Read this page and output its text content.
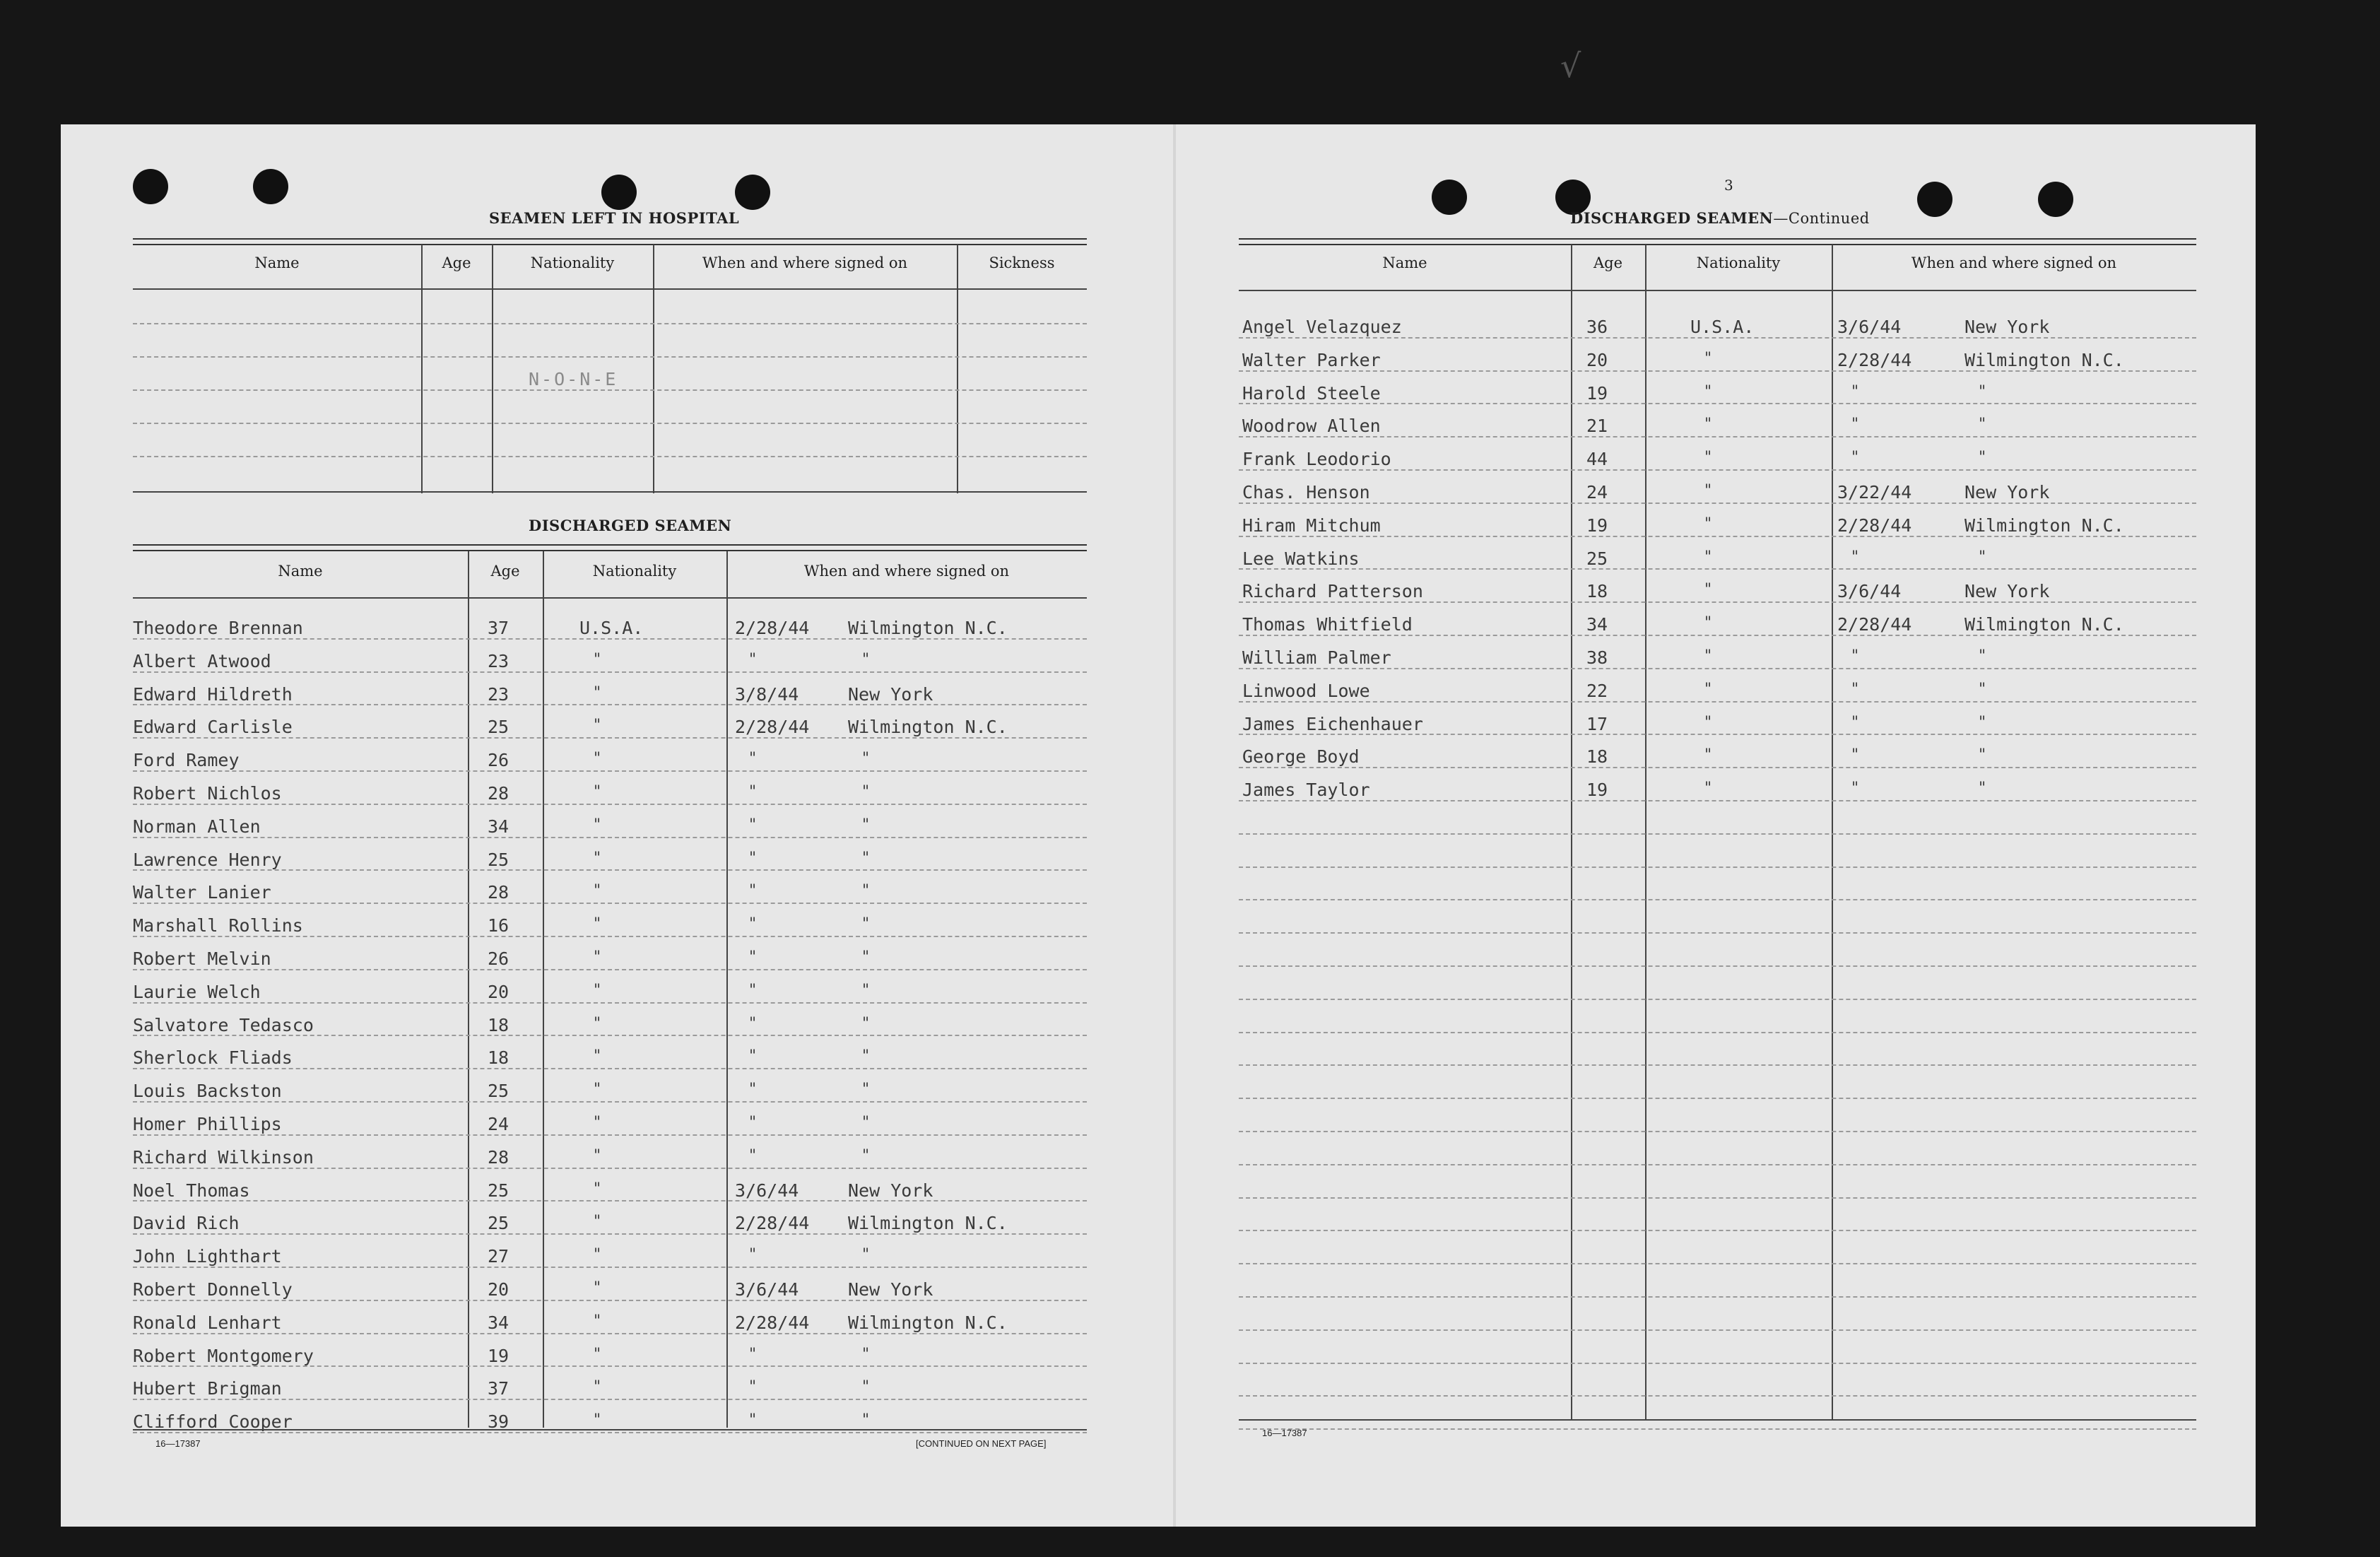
√
3
SEAMEN LEFT IN HOSPITAL
Name	Age	Nationality	When and where signed on	Sickness
N-O-N-E
DISCHARGED SEAMEN
Name	Age	Nationality	When and where signed on
Theodore Brennan	37	U.S.A.	2/28/44 Wilmington N.C.
Albert Atwood	23	"	"	"
Edward Hildreth	23	"	3/8/44	New York
Edward Carlisle	25	"	2/28/44 Wilmington N.C.
Ford Ramey	26	"	"	"
Robert Nichlos	28	"	"	"
Norman Allen	34	"	"	"
Lawrence Henry	25	"	"	"
Walter Lanier	28	"	"	"
Marshall Rollins	16	"	"	"
Robert Melvin	26	"	"	"
Laurie Welch	20	"	"	"
Salvatore Tedasco	18	"	"	"
Sherlock Fliads	18	"	"	"
Louis Backston	25	"	"	"
Homer Phillips	24	"	"	"
Richard Wilkinson	28	"	"	"
Noel Thomas	25	"	3/6/44	New York
David Rich	25	"	2/28/44 Wilmington N.C.
John Lighthart	27	"	"	"
Robert Donnelly	20	"	3/6/44	New York
Ronald Lenhart	34	"	2/28/44 Wilmington N.C.
Robert Montgomery	19	"	"	"
Hubert Brigman	37	"	"	"
Clifford Cooper	39	"	"	"
16—17387	[CONTINUED ON NEXT PAGE]
DISCHARGED SEAMEN—Continued
Name	Age	Nationality	When and where signed on
Angel Velazquez	36	U.S.A.	3/6/44	New York
Walter Parker	20	"	2/28/44	Wilmington N.C.
Harold Steele	19	"	"	"
Woodrow Allen	21	"	"	"
Frank Leodorio	44	"	"	"
Chas. Henson	24	"	3/22/44	New York
Hiram Mitchum	19	"	2/28/44	Wilmington N.C.
Lee Watkins	25	"	"	"
Richard Patterson	18	"	3/6/44	New York
Thomas Whitfield	34	"	2/28/44	Wilmington N.C.
William Palmer	38	"	"	"
Linwood Lowe	22	"	"	"
James Eichenhauer	17	"	"	"
George Boyd	18	"	"	"
James Taylor	19	"	"	"
16—17387
